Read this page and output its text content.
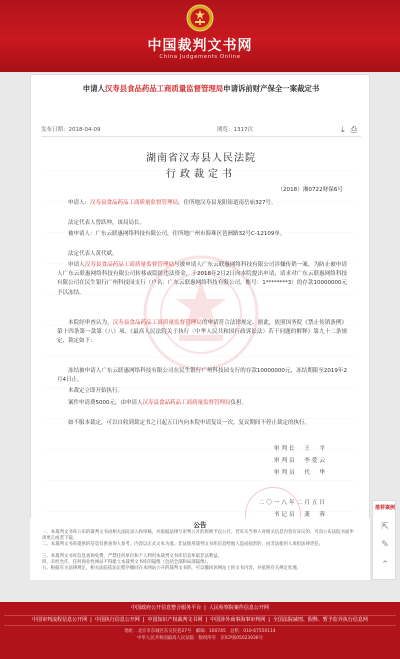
中国裁判文书网
China Judgements Online
申请人汉寿县食品药品工商质量监督管理局申请诉前财产保全一案裁定书
发布日期：2018-04-09	浏览：1317次	⤓ ⎙
湖南省汉寿县人民法院
行政裁定书
（2018）湘0722财保6号
申请人：汉寿县食品药品工商质量监督管理局，住所地汉寿县龙阳街道南岳庙327号。
法定代表人曾跃坤，该局局长。
被申请人：广东云联惠网络科技有限公司，住所地广州市海珠区琶洲路32号C-12109单。
法定代表人黄代斌。
申请人汉寿县食品药品工商质量监督管理局与被申请人广东云联惠网络科技有限公司涉嫌传销一案，为防止被申请人广东云联惠网络科技有限公司转移或隐匿违法资金，于2018年2月2日向本院提出申请，请求对广东云联惠网络科技有限公司在民生银行广州科技园支行（户名：广东云联惠网络科技有限公司，账号：1********3）的存款10000000元予以冻结。
本院经审查认为，汉寿县食品药品工商质量监督管理局的申请符合法律规定。据此，依照国务院《禁止传销条例》第十四条第一款第（八）项、《最高人民法院关于执行〈中华人民共和国行政诉讼法〉若干问题的解释》第九十二条规定，裁定如下：
冻结被申请人广东云联惠网络科技有限公司在民生银行广州科技园支行的存款10000000元，冻结期限至2019年2月4日止。
本裁定立即开始执行。
案件申请费5000元，由申请人汉寿县食品药品工商质量监督管理局负担。
如不服本裁定，可以自收到裁定书之日起五日内向本院申请复议一次。复议期间不停止裁定的执行。
审判长　王　平
审判员　李爱云
审判员　代　华
二〇一八年二月五日
书记员　龚　蓉
公告
一、本裁判文书库公布的裁判文书由相关法院录入和审核，并依据法律与审判公开的原则予以公开。若有关当事人对相关信息内容有异议的，可向公布法院书面申请更正或者下镜。
二、本裁判文书库提供的信息仅供查询人参考，内容以正式文本为准。非法使用裁判文书库信息给他人造成损害的，由非法使用人承担法律责任。
三、本裁判文书库信息查询免费，严禁任何单位和个人利用本裁判文书库信息牟取非法利益。
四、未经允许，任何商业性网站不得建立本裁判文书库的镜像（包括全部和局部镜像）。
五、根据有关法律规定，相关法院依法定程序撤回在本网站公开的裁判文书的，可以撤回该网站上的文书内容，并依照有关规定处理。
推荐案例
⇱
✎
⌃
中国政府公开信息整合服务平台 | 人民检察院案件信息公开网
中国审判流程信息公开网 | 中国执行信息公开网 | 中国知识产权裁判文书网 | 中国涉外商事海事审判网 | 全国法院减刑、假释、暂予监外执行信息网
地址：北京市东城区东交民巷27号　邮编：100745　总机：010-67550114
中华人民共和国最高人民法院　版权所有　京ICP备05023036号
